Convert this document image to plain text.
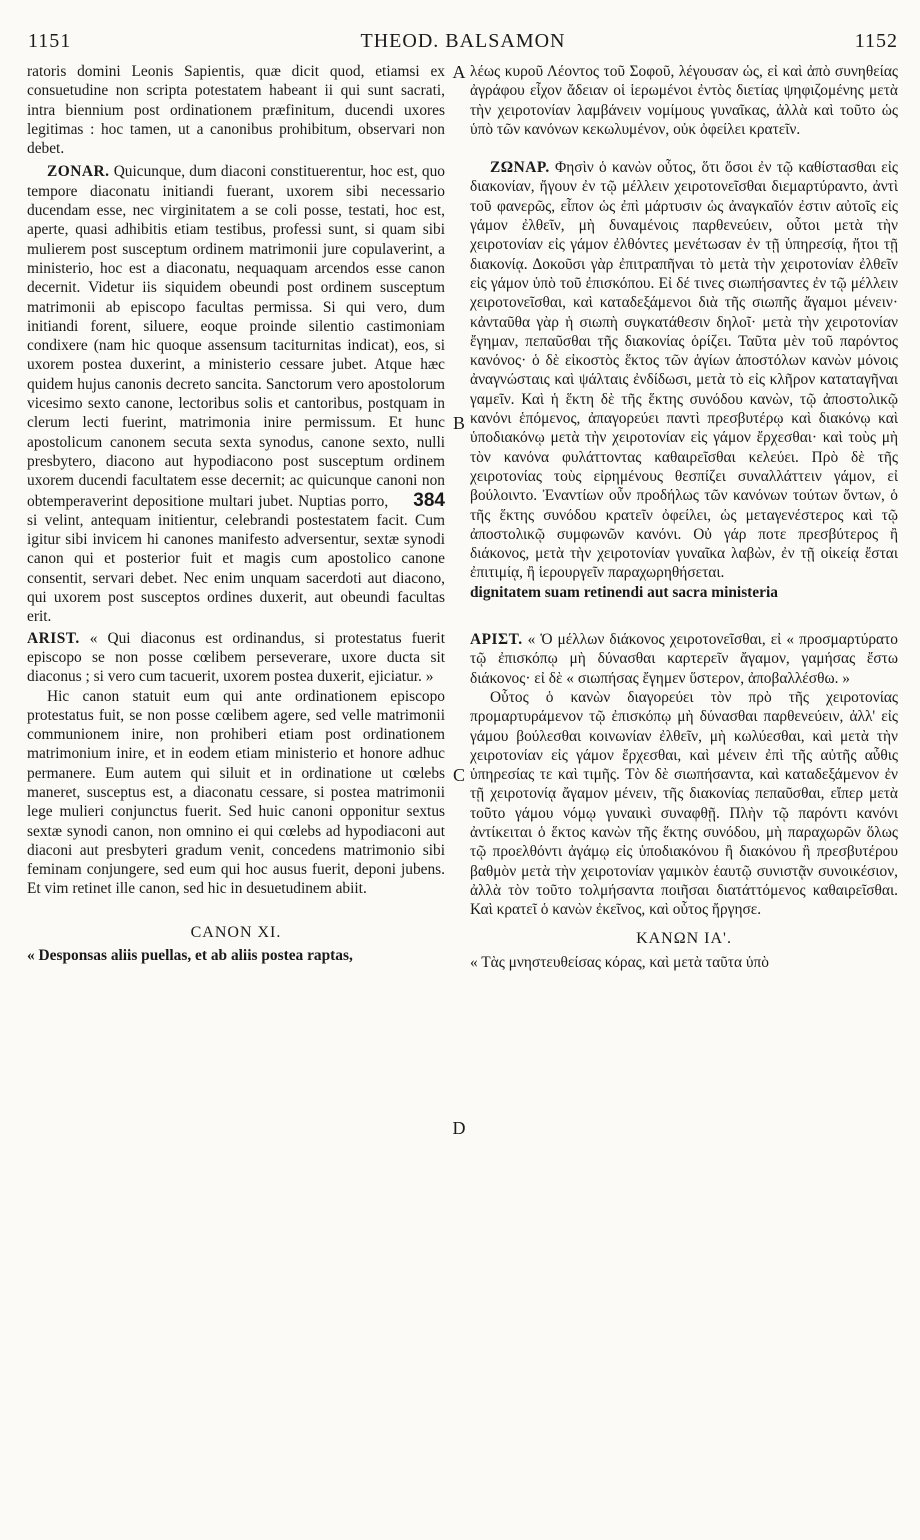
1151	THEOD. BALSAMON	1152
A
B
C
D

ratoris domini Leonis Sapientis, quæ dicit quod, etiamsi ex consuetudine non scripta potestatem habeant ii qui sunt sacrati, intra biennium post ordinationem præfinitum, ducendi uxores legitimas : hoc tamen, ut a canonibus prohibitum, observari non debet.

ZONAR. Quicunque, dum diaconi constituerentur, hoc est, quo tempore diaconatu initiandi fuerant, uxorem sibi necessario ducendam esse, nec virginitatem a se coli posse, testati, hoc est, aperte, quasi adhibitis etiam testibus, professi sunt, si quam sibi mulierem post susceptum ordinem matrimonii jure copulaverint, a ministerio, hoc est a diaconatu, nequaquam arcendos esse canon decernit. Videtur iis siquidem obeundi post ordinem susceptum matrimonii ab episcopo facultas permissa. Si qui vero, dum initiandi forent, siluere, eoque proinde silentio castimoniam condixere (nam hic quoque assensum taciturnitas indicat), eos, si uxorem postea duxerint, a ministerio cessare jubet. Atque hæc quidem hujus canonis decreto sancita. Sanctorum vero apostolorum vicesimo sexto canone, lectoribus solis et cantoribus, postquam in clerum lecti fuerint, matrimonia inire permissum. Et hunc apostolicum canonem secuta sexta synodus, canone sexto, nulli presbytero, diacono aut hypodiacono post susceptum ordinem uxorem ducendi facultatem esse decernit; ac quicunque canoni non obtemperaverint depositione multari jubet. Nuptias porro, 384 si velint, antequam initientur, celebrandi postestatem facit. Cum igitur sibi invicem hi canones manifesto adversentur, sextæ synodi canon qui et posterior fuit et magis cum apostolico canone consentit, servari debet. Nec enim unquam sacerdoti aut diacono, qui uxorem post susceptos ordines duxerit, aut obeundi facultas erit.

ARIST. « Qui diaconus est ordinandus, si protestatus fuerit episcopo se non posse cœlibem perseverare, uxore ducta sit diaconus ; si vero cum tacuerit, uxorem postea duxerit, ejiciatur. »

Hic canon statuit eum qui ante ordinationem episcopo protestatus fuit, se non posse cœlibem agere, sed velle matrimonii communionem inire, non prohiberi etiam post ordinationem matrimonium inire, et in eodem etiam ministerio et honore adhuc permanere. Eum autem qui siluit et in ordinatione ut cœlebs maneret, susceptus est, a diaconatu cessare, si postea matrimonii lege mulieri conjunctus fuerit. Sed huic canoni opponitur sextus sextæ synodi canon, non omnino ei qui cœlebs ad hypodiaconi aut diaconi aut presbyteri gradum venit, concedens matrimonio sibi feminam conjungere, sed eum qui hoc ausus fuerit, deponi jubens. Et vim retinet ille canon, sed hic in desuetudinem abiit.

CANON XI.

« Desponsas aliis puellas, et ab aliis postea raptas,

λέως κυροῦ Λέοντος τοῦ Σοφοῦ, λέγουσαν ὡς, εἰ καὶ ἀπὸ συνηθείας ἀγράφου εἶχον ἄδειαν οἱ ἱερωμένοι ἐντὸς διετίας ψηφιζομένης μετὰ τὴν χειροτονίαν λαμβάνειν νομίμους γυναῖκας, ἀλλὰ καὶ τοῦτο ὡς ὑπὸ τῶν κανόνων κεκωλυμένον, οὐκ ὀφείλει κρατεῖν.

ΖΩΝΑΡ. Φησὶν ὁ κανὼν οὗτος, ὅτι ὅσοι ἐν τῷ καθίστασθαι εἰς διακονίαν, ἤγουν ἐν τῷ μέλλειν χειροτονεῖσθαι διεμαρτύραντο, ἀντὶ τοῦ φανερῶς, εἶπον ὡς ἐπὶ μάρτυσιν ὡς ἀναγκαῖόν ἐστιν αὐτοῖς εἰς γάμον ἐλθεῖν, μὴ δυναμένοις παρθενεύειν, οὗτοι μετὰ τὴν χειροτονίαν εἰς γάμον ἐλθόντες μενέτωσαν ἐν τῇ ὑπηρεσίᾳ, ἤτοι τῇ διακονίᾳ. Δοκοῦσι γὰρ ἐπιτραπῆναι τὸ μετὰ τὴν χειροτονίαν ἐλθεῖν εἰς γάμον ὑπὸ τοῦ ἐπισκόπου. Εἰ δέ τινες σιωπήσαντες ἐν τῷ μέλλειν χειροτονεῖσθαι, καὶ καταδεξάμενοι διὰ τῆς σιωπῆς ἄγαμοι μένειν· κἀνταῦθα γὰρ ἡ σιωπὴ συγκατάθεσιν δηλοῖ· μετὰ τὴν χειροτονίαν ἔγημαν, πεπαῦσθαι τῆς διακονίας ὁρίζει. Ταῦτα μὲν τοῦ παρόντος κανόνος· ὁ δὲ εἰκοστὸς ἕκτος τῶν ἁγίων ἀποστόλων κανὼν μόνοις ἀναγνώσταις καὶ ψάλταις ἐνδίδωσι, μετὰ τὸ εἰς κλῆρον καταταγῆναι γαμεῖν. Καὶ ἡ ἕκτη δὲ τῆς ἕκτης συνόδου κανὼν, τῷ ἀποστολικῷ κανόνι ἑπόμενος, ἀπαγορεύει παντὶ πρεσβυτέρῳ καὶ διακόνῳ καὶ ὑποδιακόνῳ μετὰ τὴν χειροτονίαν εἰς γάμον ἔρχεσθαι· καὶ τοὺς μὴ τὸν κανόνα φυλάττοντας καθαιρεῖσθαι κελεύει. Πρὸ δὲ τῆς χειροτονίας τοὺς εἰρημένους θεσπίζει συναλλάττειν γάμον, εἰ βούλοιντο. Ἐναντίων οὖν προδήλως τῶν κανόνων τούτων ὄντων, ὁ τῆς ἕκτης συνόδου κρατεῖν ὀφείλει, ὡς μεταγενέστερος καὶ τῷ ἀποστολικῷ συμφωνῶν κανόνι. Οὐ γάρ ποτε πρεσβύτερος ἢ διάκονος, μετὰ τὴν χειροτονίαν γυναῖκα λαβὼν, ἐν τῇ οἰκείᾳ ἔσται ἐπιτιμίᾳ, ἢ ἱερουργεῖν παραχωρηθήσεται.

dignitatem suam retinendi aut sacra ministeria

ΑΡΙΣΤ. « Ὁ μέλλων διάκονος χειροτονεῖσθαι, εἰ « προσμαρτύρατο τῷ ἐπισκόπῳ μὴ δύνασθαι καρτερεῖν ἄγαμον, γαμήσας ἔστω διάκονος· εἰ δὲ « σιωπήσας ἔγημεν ὕστερον, ἀποβαλλέσθω. »

Οὗτος ὁ κανὼν διαγορεύει τὸν πρὸ τῆς χειροτονίας προμαρτυράμενον τῷ ἐπισκόπῳ μὴ δύνασθαι παρθενεύειν, ἀλλ' εἰς γάμου βούλεσθαι κοινωνίαν ἐλθεῖν, μὴ κωλύεσθαι, καὶ μετὰ τὴν χειροτονίαν εἰς γάμον ἔρχεσθαι, καὶ μένειν ἐπὶ τῆς αὐτῆς αὖθις ὑπηρεσίας τε καὶ τιμῆς. Τὸν δὲ σιωπήσαντα, καὶ καταδεξάμενον ἐν τῇ χειροτονίᾳ ἄγαμον μένειν, τῆς διακονίας πεπαῦσθαι, εἴπερ μετὰ τοῦτο γάμου νόμῳ γυναικὶ συναφθῇ. Πλὴν τῷ παρόντι κανόνι ἀντίκειται ὁ ἕκτος κανὼν τῆς ἕκτης συνόδου, μὴ παραχωρῶν ὅλως τῷ προελθόντι ἀγάμῳ εἰς ὑποδιακόνου ἢ διακόνου ἢ πρεσβυτέρου βαθμὸν μετὰ τὴν χειροτονίαν γαμικὸν ἑαυτῷ συνιστᾷν συνοικέσιον, ἀλλὰ τὸν τοῦτο τολμήσαντα ποιῆσαι διατάττόμενος καθαιρεῖσθαι. Καὶ κρατεῖ ὁ κανὼν ἐκεῖνος, καὶ οὗτος ἤργησε.

ΚΑΝΩΝ ΙΑ'.

« Τὰς μνηστευθείσας κόρας, καὶ μετὰ ταῦτα ὑπὸ
